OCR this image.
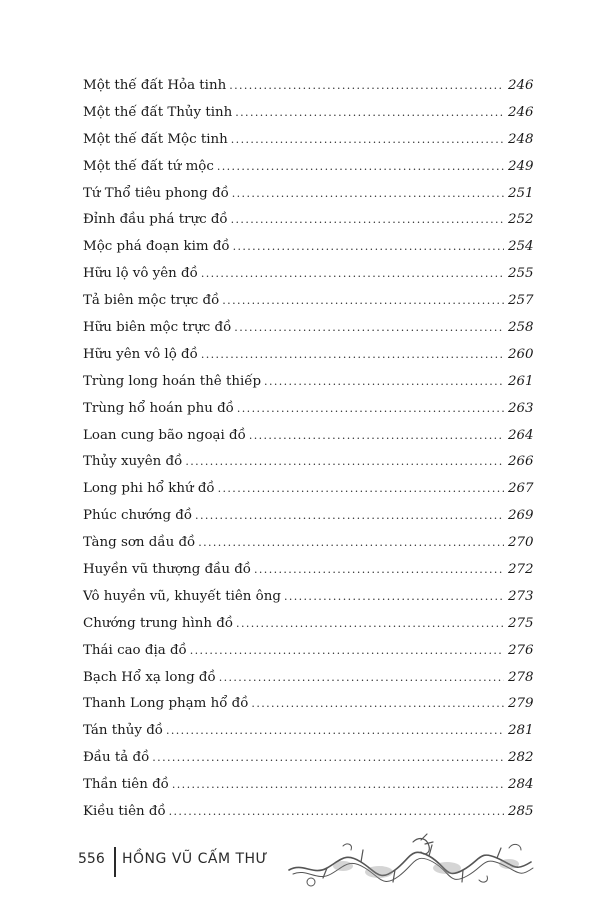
Một thế đất Hỏa tinh .....	246
Một thế đất Thủy tinh .....	246
Một thế đất Mộc tinh .....	248
Một thế đất tứ mộc .....	249
Tứ Thổ tiêu phong đồ .....	251
Đỉnh đầu phá trực đồ .....	252
Mộc phá đoạn kim đồ .....	254
Hữu lộ vô yên đồ .....	255
Tả biên mộc trực đồ .....	257
Hữu biên mộc trực đồ .....	258
Hữu yên vô lộ đồ .....	260
Trùng long hoán thê thiếp .....	261
Trùng hổ hoán phu đồ .....	263
Loan cung bão ngoại đồ .....	264
Thủy xuyên đồ .....	266
Long phi hổ khứ đồ .....	267
Phúc chướng đồ .....	269
Tàng sơn dầu đồ .....	270
Huyền vũ thượng đầu đồ .....	272
Vô huyền vũ, khuyết tiên ông .....	273
Chướng trung hình đồ .....	275
Thái cao địa đồ .....	276
Bạch Hổ xạ long đồ .....	278
Thanh Long phạm hổ đồ .....	279
Tán thủy đồ .....	281
Đầu tả đồ .....	282
Thần tiên đồ .....	284
Kiều tiên đồ .....	285
556 HỒNG VŨ CẤM THƯ
